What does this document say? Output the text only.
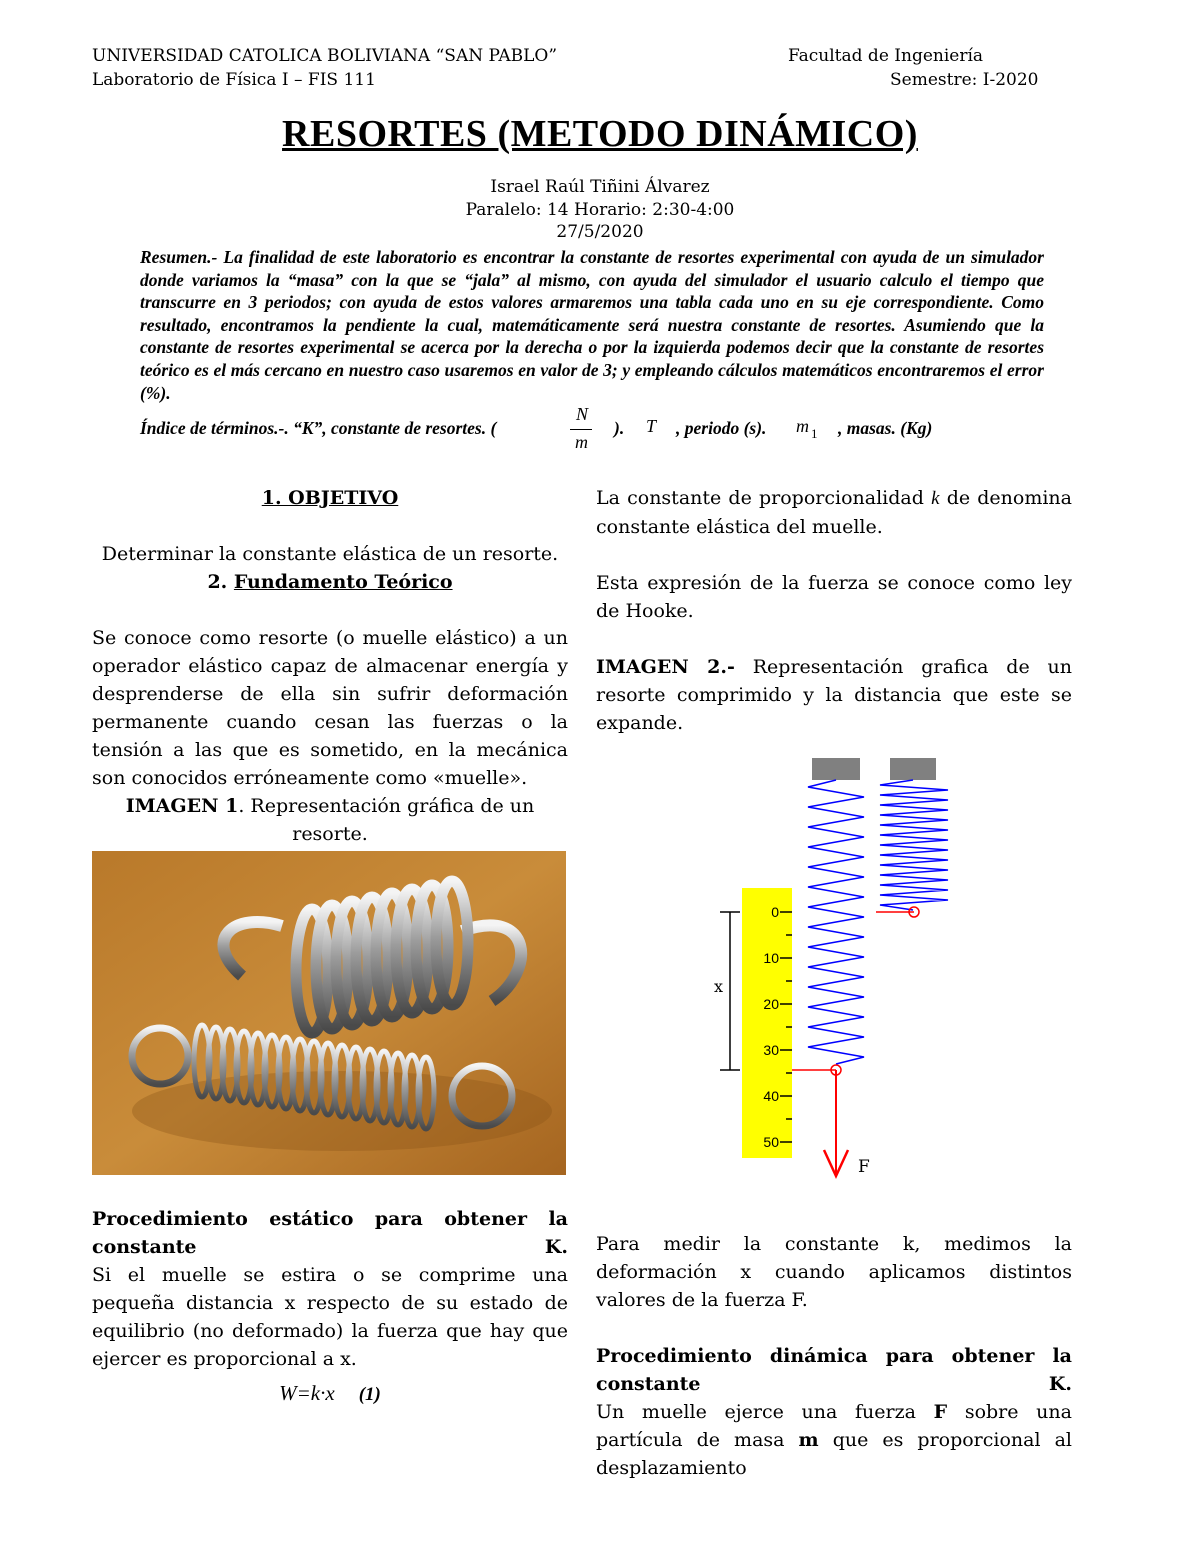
UNIVERSIDAD CATOLICA BOLIVIANA “SAN PABLO”	Facultad de Ingeniería
Laboratorio de Física I – FIS 111	Semestre: I-2020
RESORTES (METODO DINÁMICO)
Israel Raúl Tiñini Álvarez
Paralelo: 14 Horario: 2:30-4:00
27/5/2020
Resumen.- La finalidad de este laboratorio es encontrar la constante de resortes experimental con ayuda de un simulador donde variamos la “masa” con la que se “jala” al mismo, con ayuda del simulador el usuario calculo el tiempo que transcurre en 3 periodos; con ayuda de estos valores armaremos una tabla cada uno en su eje correspondiente. Como resultado, encontramos la pendiente la cual, matemáticamente será nuestra constante de resortes. Asumiendo que la constante de resortes experimental se acerca por la derecha o por la izquierda podemos decir que la constante de resortes teórico es el más cercano en nuestro caso usaremos en valor de 3; y empleando cálculos matemáticos encontraremos el error (%).
Índice de términos.-. “K”, constante de resortes. (
N
m
). T , periodo (s). m 1 , masas. (Kg)

1. OBJETIVO

Determinar la constante elástica de un resorte.

2. Fundamento Teórico

Se conoce como resorte (o muelle elástico) a un operador elástico capaz de almacenar energía y desprenderse de ella sin sufrir deformación permanente cuando cesan las fuerzas o la tensión a las que es sometido, en la mecánica son conocidos erróneamente como «muelle».

IMAGEN 1. Representación gráfica de un resorte.

Procedimiento estático para obtener la constante K.

Si el muelle se estira o se comprime una pequeña distancia x respecto de su estado de equilibrio (no deformado) la fuerza que hay que ejercer es proporcional a x.

W=k·x (1)

La constante de proporcionalidad k de denomina constante elástica del muelle.

Esta expresión de la fuerza se conoce como ley de Hooke.

IMAGEN 2.- Representación grafica de un resorte comprimido y la distancia que este se expande.

0
10
20
30
40
50
x
F

Para medir la constante k, medimos la deformación x cuando aplicamos distintos valores de la fuerza F.

Procedimiento dinámica para obtener la constante K.

Un muelle ejerce una fuerza F sobre una partícula de masa m que es proporcional al desplazamiento
